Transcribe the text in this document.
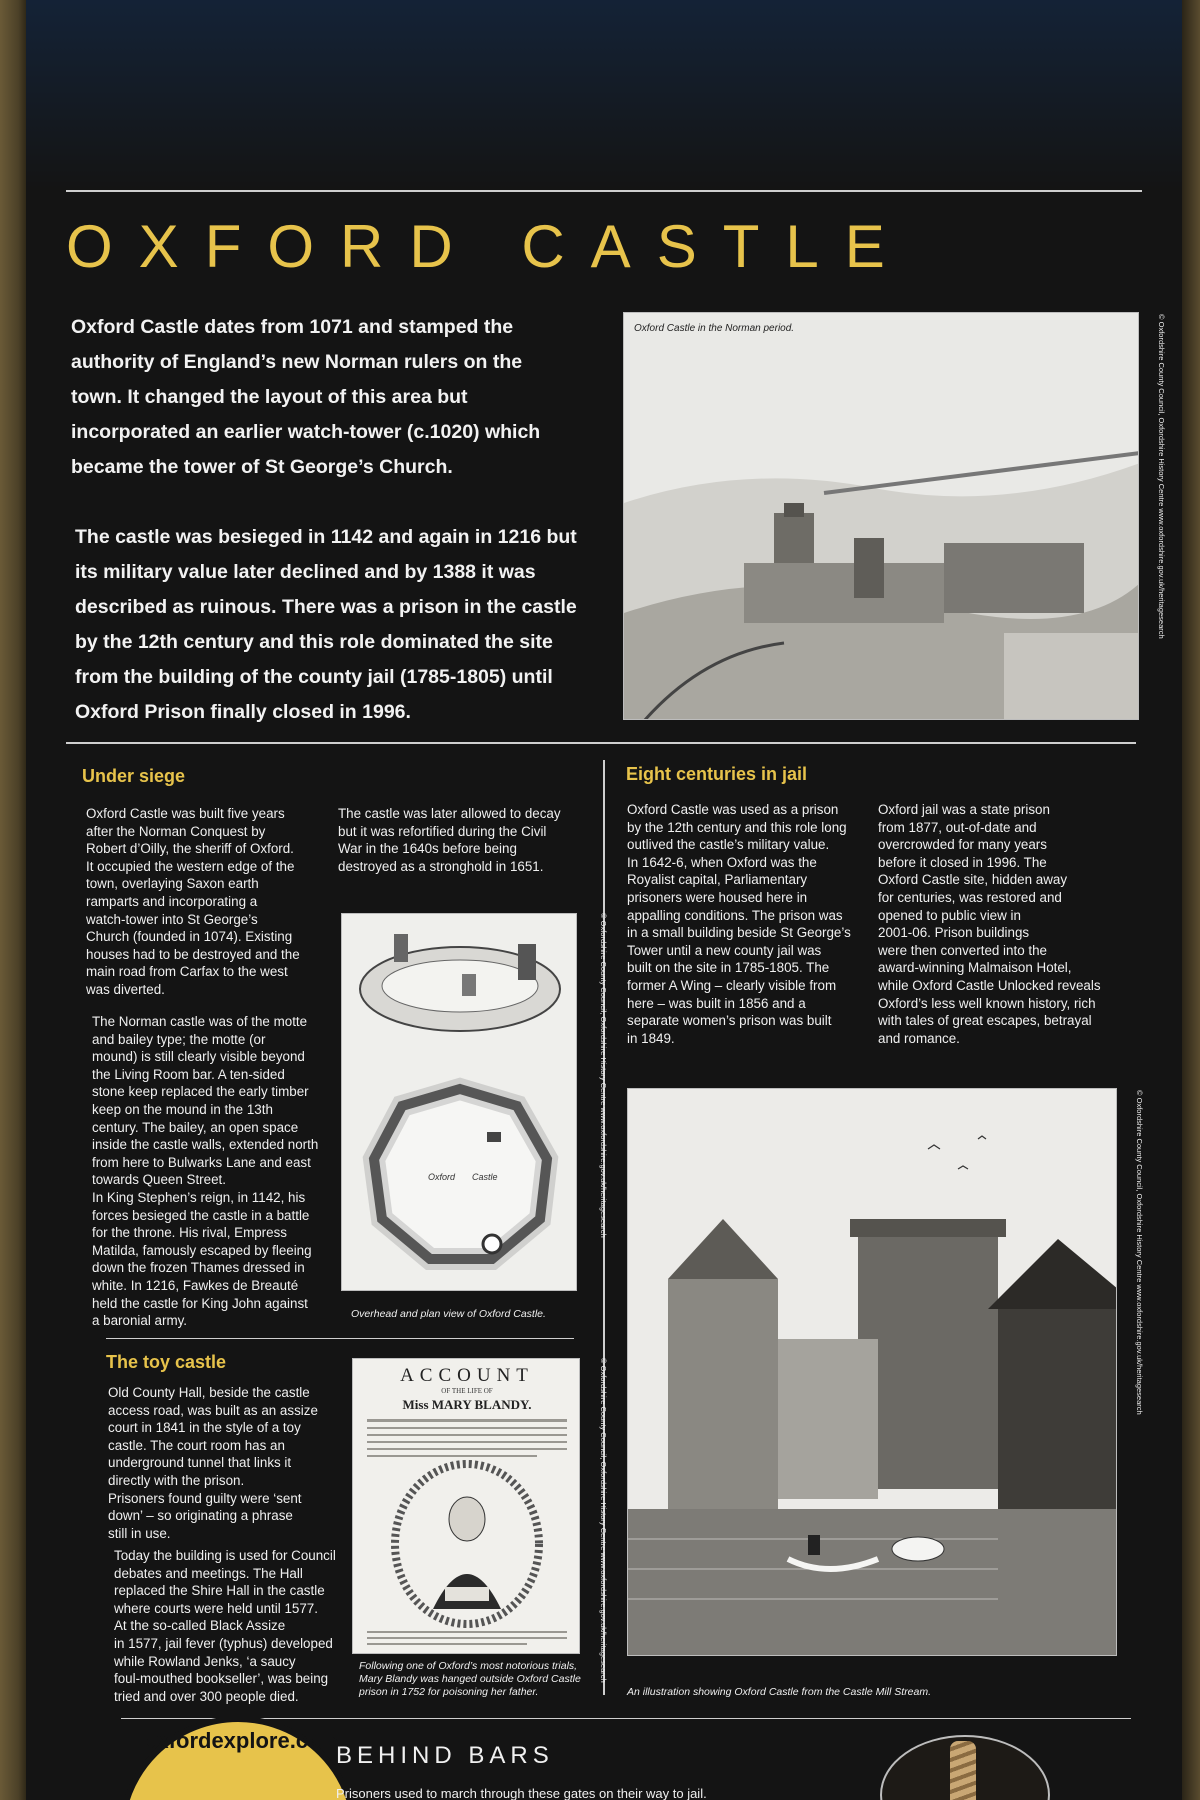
OXFORD CASTLE

Oxford Castle dates from 1071 and stamped the

authority of England’s new Norman rulers on the

town. It changed the layout of this area but

incorporated an earlier watch-tower (c.1020) which

became the tower of St George’s Church.

The castle was besieged in 1142 and again in 1216 but

its military value later declined and by 1388 it was

described as ruinous. There was a prison in the castle

by the 12th century and this role dominated the site

from the building of the county jail (1785-1805) until

Oxford Prison finally closed in 1996.

Oxford Castle in the Norman period.	© Oxfordshire County Council, Oxfordshire History Centre www.oxfordshire.gov.uk/heritagesearch
Under siege

Oxford Castle was built five years

after the Norman Conquest by

Robert d’Oilly, the sheriff of Oxford.

It occupied the western edge of the

town, overlaying Saxon earth

ramparts and incorporating a

watch-tower into St George’s

Church (founded in 1074). Existing

houses had to be destroyed and the

main road from Carfax to the west

was diverted.

The Norman castle was of the motte

and bailey type; the motte (or

mound) is still clearly visible beyond

the Living Room bar. A ten-sided

stone keep replaced the early timber

keep on the mound in the 13th

century. The bailey, an open space

inside the castle walls, extended north

from here to Bulwarks Lane and east

towards Queen Street.

In King Stephen’s reign, in 1142, his

forces besieged the castle in a battle

for the throne. His rival, Empress

Matilda, famously escaped by fleeing

down the frozen Thames dressed in

white. In 1216, Fawkes de Breauté

held the castle for King John against

a baronial army.

The castle was later allowed to decay

but it was refortified during the Civil

War in the 1640s before being

destroyed as a stronghold in 1651.

Oxford Castle	© Oxfordshire County Council, Oxfordshire History Centre www.oxfordshire.gov.uk/heritagesearch
Overhead and plan view of Oxford Castle.
The toy castle

Old County Hall, beside the castle

access road, was built as an assize

court in 1841 in the style of a toy

castle. The court room has an

underground tunnel that links it

directly with the prison.

Prisoners found guilty were ‘sent

down’ – so originating a phrase

still in use.

Today the building is used for Council

debates and meetings. The Hall

replaced the Shire Hall in the castle

where courts were held until 1577.

At the so-called Black Assize

in 1577, jail fever (typhus) developed

while Rowland Jenks, ‘a saucy

foul-mouthed bookseller’, was being

tried and over 300 people died.

ACCOUNT
OF THE LIFE OF
Miss MARY BLANDY.	© Oxfordshire County Council, Oxfordshire History Centre www.oxfordshire.gov.uk/heritagesearch

Following one of Oxford’s most notorious trials,

Mary Blandy was hanged outside Oxford Castle

prison in 1752 for poisoning her father.

Eight centuries in jail

Oxford Castle was used as a prison

by the 12th century and this role long

outlived the castle’s military value.

In 1642-6, when Oxford was the

Royalist capital, Parliamentary

prisoners were housed here in

appalling conditions. The prison was

in a small building beside St George’s

Tower until a new county jail was

built on the site in 1785-1805. The

former A Wing – clearly visible from

here – was built in 1856 and a

separate women’s prison was built

in 1849.

Oxford jail was a state prison

from 1877, out-of-date and

overcrowded for many years

before it closed in 1996. The

Oxford Castle site, hidden away

for centuries, was restored and

opened to public view in

2001-06. Prison buildings

were then converted into the

award-winning Malmaison Hotel,

while Oxford Castle Unlocked reveals

Oxford’s less well known history, rich

with tales of great escapes, betrayal

and romance.

© Oxfordshire County Council, Oxfordshire History Centre www.oxfordshire.gov.uk/heritagesearch
An illustration showing Oxford Castle from the Castle Mill Stream.
oxfordexplore.com
BEHIND BARS
Prisoners used to march through these gates on their way to jail.
